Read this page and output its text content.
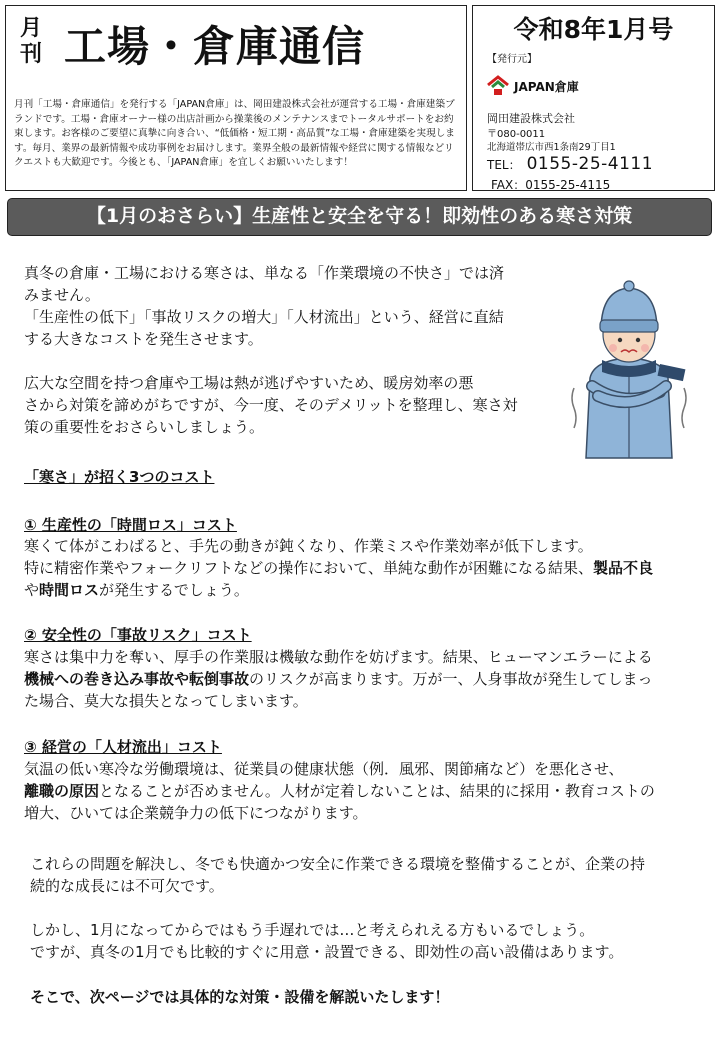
月
刊 工場・倉庫通信

月刊「工場・倉庫通信」を発行する「JAPAN倉庫」は、岡田建設株式会社が運営する工場・倉庫建築ブランドです。工場・倉庫オーナー様の出店計画から操業後のメンテナンスまでトータルサポートをお約束します。お客様のご要望に真摯に向き合い、“低価格・短工期・高品質”な工場・倉庫建築を実現します。毎月、業界の最新情報や成功事例をお届けします。業界全般の最新情報や経営に関する情報などリクエストも大歓迎です。今後とも、「JAPAN倉庫」を宜しくお願いいたします！

令和8年1月号
【発行元】
JAPAN倉庫
岡田建設株式会社
〒080-0011
北海道帯広市西1条南29丁目1
TEL： 0155-25-4111
FAX：0155-25-4115
【1月のおさらい】生産性と安全を守る！即効性のある寒さ対策

真冬の倉庫・工場における寒さは、単なる「作業環境の不快さ」では済

みません。

「生産性の低下」「事故リスクの増大」「人材流出」という、経営に直結

する大きなコストを発生させます。

広大な空間を持つ倉庫や工場は熱が逃げやすいため、暖房効率の悪

さから対策を諦めがちですが、今一度、そのデメリットを整理し、寒さ対

策の重要性をおさらいしましょう。

「寒さ」が招く3つのコスト

① 生産性の「時間ロス」コスト

寒くて体がこわばると、手先の動きが鈍くなり、作業ミスや作業効率が低下します。

特に精密作業やフォークリフトなどの操作において、単純な動作が困難になる結果、製品不良

や時間ロスが発生するでしょう。

② 安全性の「事故リスク」コスト

寒さは集中力を奪い、厚手の作業服は機敏な動作を妨げます。結果、ヒューマンエラーによる

機械への巻き込み事故や転倒事故のリスクが高まります。万が一、人身事故が発生してしまっ

た場合、莫大な損失となってしまいます。

③ 経営の「人材流出」コスト

気温の低い寒冷な労働環境は、従業員の健康状態（例．風邪、関節痛など）を悪化させ、

離職の原因となることが否めません。人材が定着しないことは、結果的に採用・教育コストの

増大、ひいては企業競争力の低下につながります。

これらの問題を解決し、冬でも快適かつ安全に作業できる環境を整備することが、企業の持

続的な成長には不可欠です。

しかし、1月になってからではもう手遅れでは…と考えられえる方もいるでしょう。

ですが、真冬の1月でも比較的すぐに用意・設置できる、即効性の高い設備はあります。

そこで、次ページでは具体的な対策・設備を解説いたします！
